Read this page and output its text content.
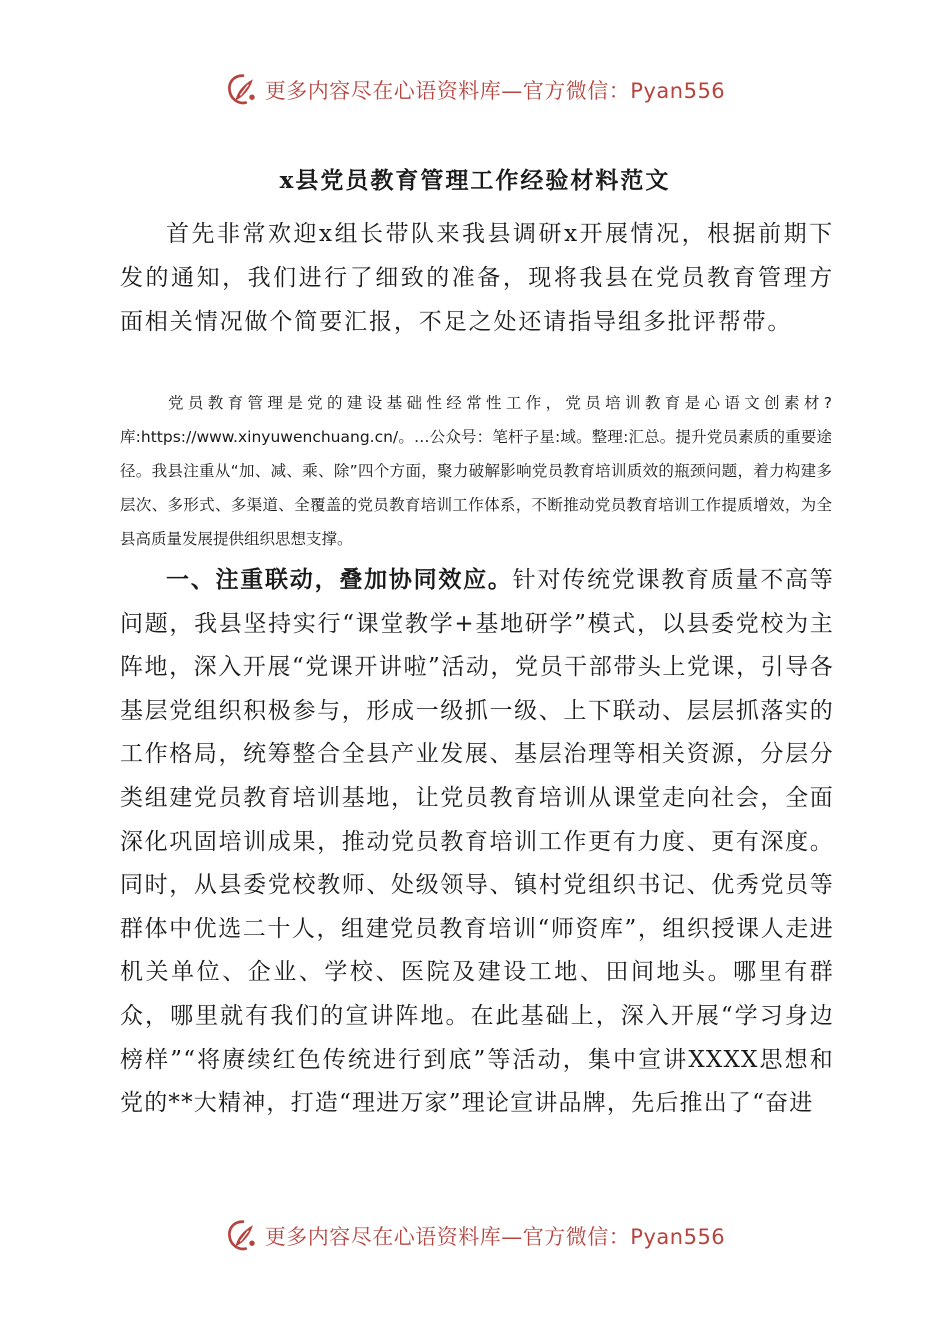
更多内容尽在心语资料库—官方微信：Pyan556
x县党员教育管理工作经验材料范文

首先非常欢迎x组长带队来我县调研x开展情况，根据前期下发的通知，我们进行了细致的准备，现将我县在党员教育管理方面相关情况做个简要汇报，不足之处还请指导组多批评帮带。

党员教育管理是党的建设基础性经常性工作，党员培训教育是心语文创素材?库:https://www.xinyuwenchuang.cn/。…公众号：笔杆子星:域。整理:汇总。提升党员素质的重要途径。我县注重从“加、减、乘、除”四个方面，聚力破解影响党员教育培训质效的瓶颈问题，着力构建多层次、多形式、多渠道、全覆盖的党员教育培训工作体系，不断推动党员教育培训工作提质增效，为全县高质量发展提供组织思想支撑。

一、注重联动，叠加协同效应。针对传统党课教育质量不高等问题，我县坚持实行“课堂教学+基地研学”模式，以县委党校为主阵地，深入开展“党课开讲啦”活动，党员干部带头上党课，引导各基层党组织积极参与，形成一级抓一级、上下联动、层层抓落实的工作格局，统筹整合全县产业发展、基层治理等相关资源，分层分类组建党员教育培训基地，让党员教育培训从课堂走向社会，全面深化巩固培训成果，推动党员教育培训工作更有力度、更有深度。同时，从县委党校教师、处级领导、镇村党组织书记、优秀党员等群体中优选二十人，组建党员教育培训“师资库”，组织授课人走进机关单位、企业、学校、医院及建设工地、田间地头。哪里有群众，哪里就有我们的宣讲阵地。在此基础上，深入开展“学习身边榜样”“将赓续红色传统进行到底”等活动，集中宣讲XXXX思想和党的**大精神，打造“理进万家”理论宣讲品牌，先后推出了“奋进

更多内容尽在心语资料库—官方微信：Pyan556
